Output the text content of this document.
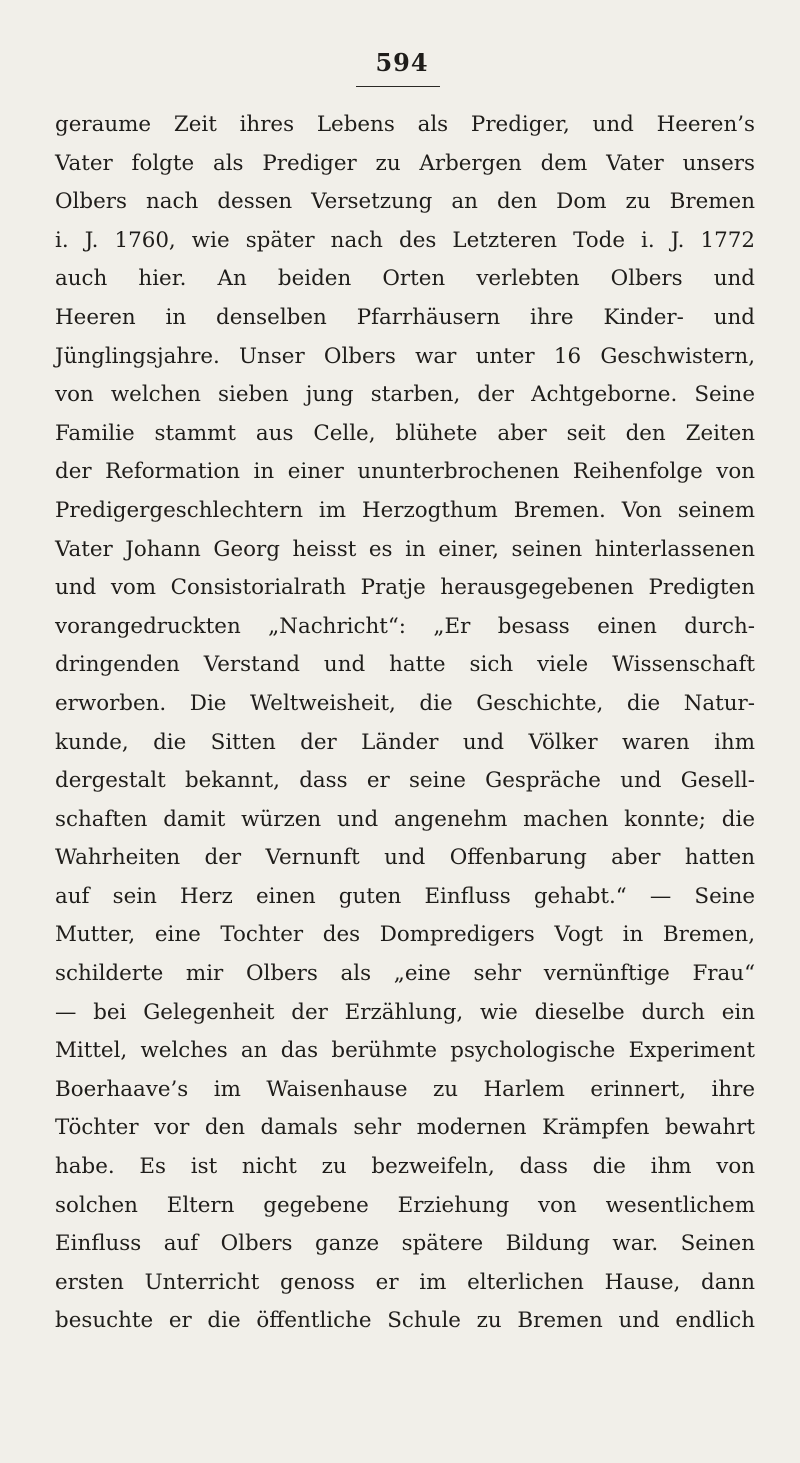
594
geraume Zeit ihres Lebens als Prediger, und Heeren’s
Vater folgte als Prediger zu Arbergen dem Vater unsers
Olbers nach dessen Versetzung an den Dom zu Bremen
i. J. 1760, wie später nach des Letzteren Tode i. J. 1772
auch hier. An beiden Orten verlebten Olbers und
Heeren in denselben Pfarrhäusern ihre Kinder- und
Jünglingsjahre. Unser Olbers war unter 16 Geschwistern,
von welchen sieben jung starben, der Achtgeborne. Seine
Familie stammt aus Celle, blühete aber seit den Zeiten
der Reformation in einer ununterbrochenen Reihenfolge von
Predigergeschlechtern im Herzogthum Bremen. Von seinem
Vater Johann Georg heisst es in einer, seinen hinterlassenen
und vom Consistorialrath Pratje herausgegebenen Predigten
vorangedruckten „Nachricht“: „Er besass einen durch-
dringenden Verstand und hatte sich viele Wissenschaft
erworben. Die Weltweisheit, die Geschichte, die Natur-
kunde, die Sitten der Länder und Völker waren ihm
dergestalt bekannt, dass er seine Gespräche und Gesell-
schaften damit würzen und angenehm machen konnte; die
Wahrheiten der Vernunft und Offenbarung aber hatten
auf sein Herz einen guten Einfluss gehabt.“ — Seine
Mutter, eine Tochter des Dompredigers Vogt in Bremen,
schilderte mir Olbers als „eine sehr vernünftige Frau“
— bei Gelegenheit der Erzählung, wie dieselbe durch ein
Mittel, welches an das berühmte psychologische Experiment
Boerhaave’s im Waisenhause zu Harlem erinnert, ihre
Töchter vor den damals sehr modernen Krämpfen bewahrt
habe. Es ist nicht zu bezweifeln, dass die ihm von
solchen Eltern gegebene Erziehung von wesentlichem
Einfluss auf Olbers ganze spätere Bildung war. Seinen
ersten Unterricht genoss er im elterlichen Hause, dann
besuchte er die öffentliche Schule zu Bremen und endlich
